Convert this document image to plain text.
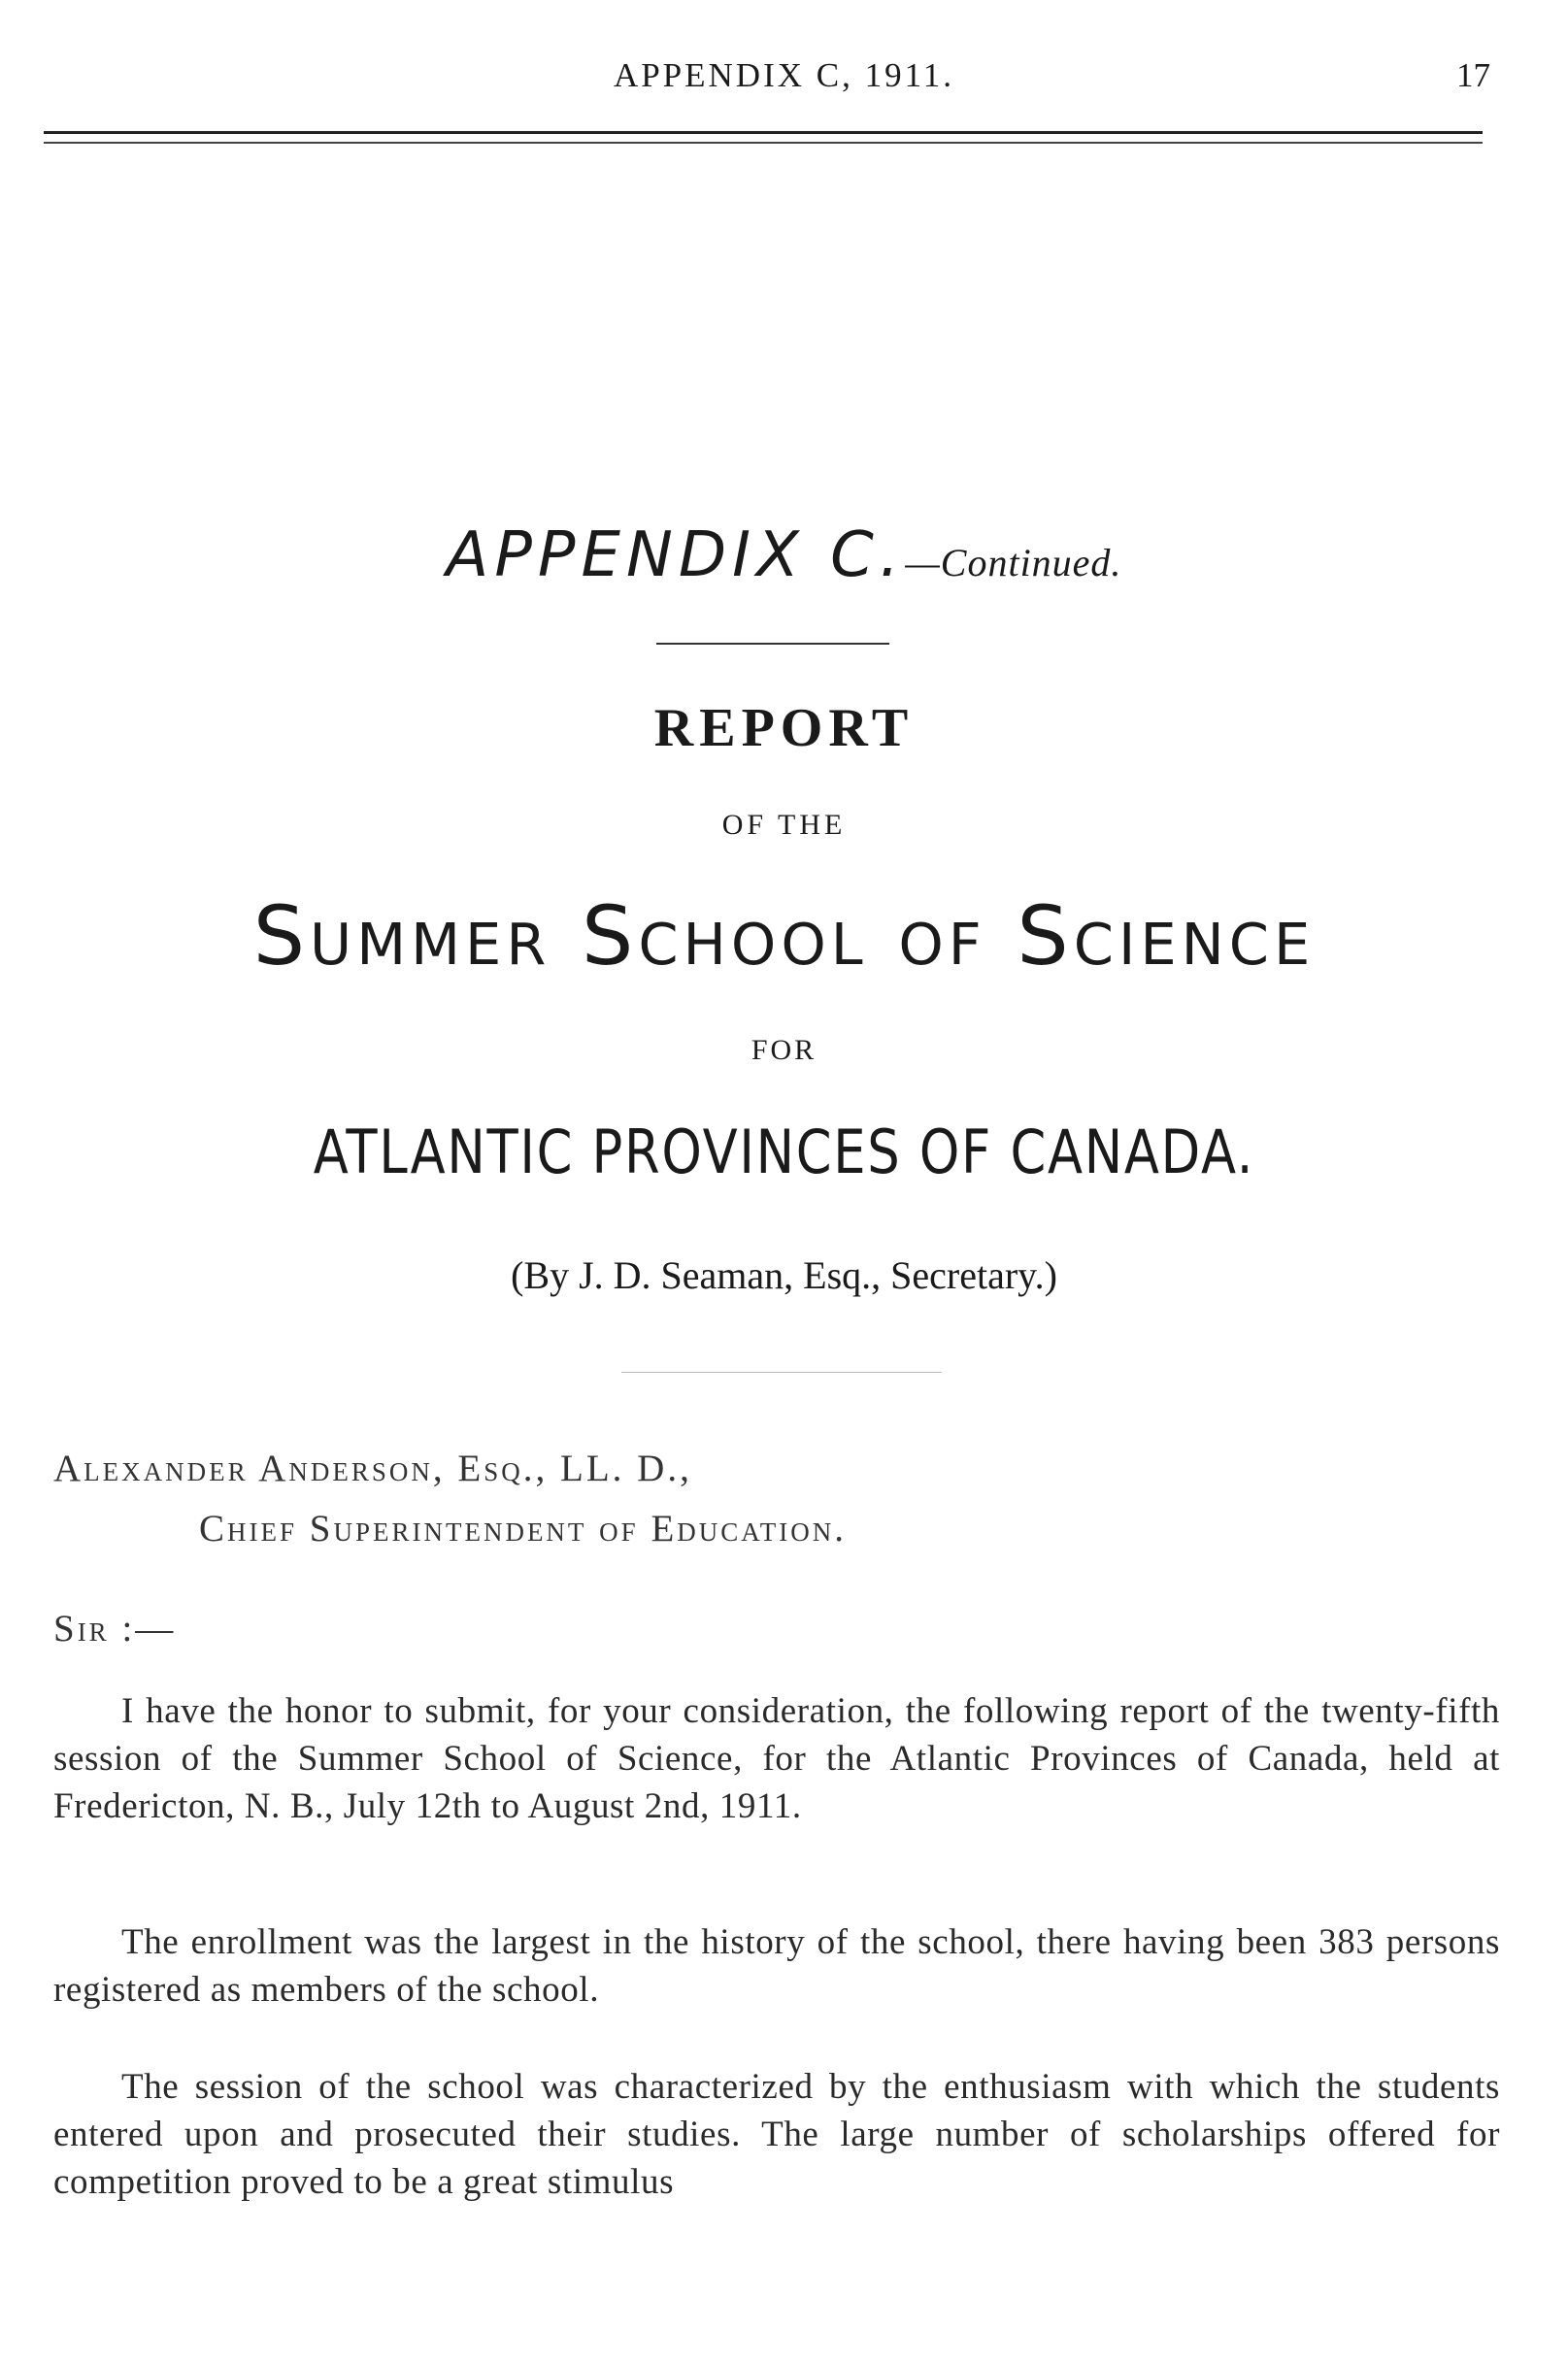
APPENDIX C, 1911.	17
APPENDIX C.—Continued.
REPORT
OF THE
Summer School of Science
FOR
ATLANTIC PROVINCES OF CANADA.
(By J. D. Seaman, Esq., Secretary.)
Alexander Anderson, Esq., LL. D.,
Chief Superintendent of Education.
Sir :—
I have the honor to submit, for your consideration, the following report of the twenty-fifth session of the Summer School of Science, for the Atlantic Provinces of Canada, held at Fredericton, N. B., July 12th to August 2nd, 1911.
The enrollment was the largest in the history of the school, there having been 383 persons registered as members of the school.
The session of the school was characterized by the enthusiasm with which the students entered upon and prosecuted their studies. The large number of scholarships offered for competition proved to be a great stimulus
